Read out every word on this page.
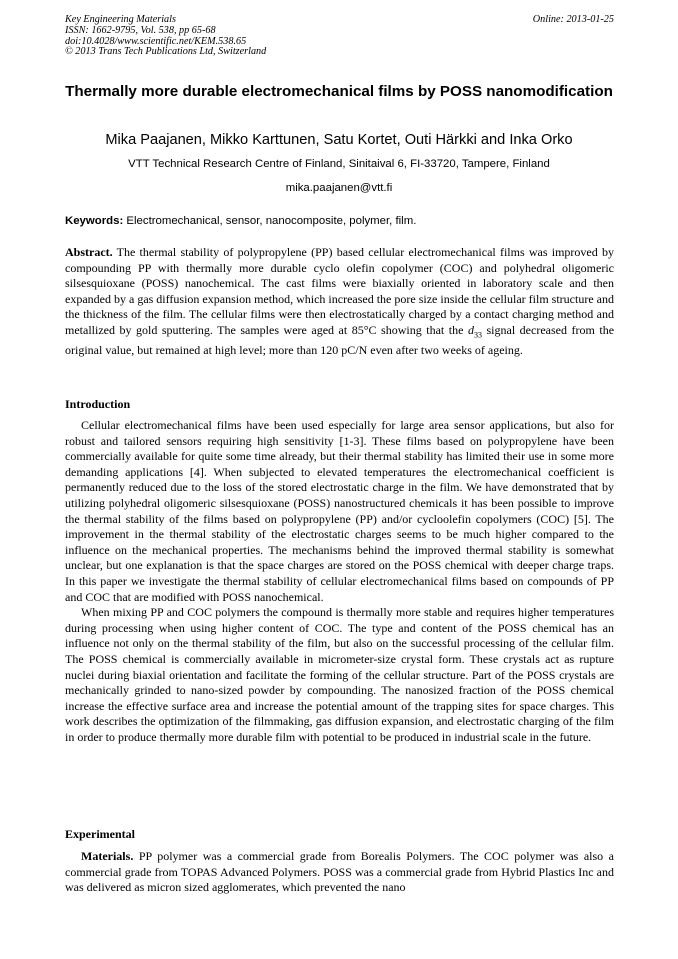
Key Engineering Materials
ISSN: 1662-9795, Vol. 538, pp 65-68
doi:10.4028/www.scientific.net/KEM.538.65
© 2013 Trans Tech Publications Ltd, Switzerland
Online: 2013-01-25
Thermally more durable electromechanical films by POSS nanomodification
Mika Paajanen, Mikko Karttunen, Satu Kortet, Outi Härkki and Inka Orko
VTT Technical Research Centre of Finland, Sinitaival 6, FI-33720, Tampere, Finland
mika.paajanen@vtt.fi
Keywords: Electromechanical, sensor, nanocomposite, polymer, film.

Abstract. The thermal stability of polypropylene (PP) based cellular electromechanical films was improved by compounding PP with thermally more durable cyclo olefin copolymer (COC) and polyhedral oligomeric silsesquioxane (POSS) nanochemical. The cast films were biaxially oriented in laboratory scale and then expanded by a gas diffusion expansion method, which increased the pore size inside the cellular film structure and the thickness of the film. The cellular films were then electrostatically charged by a contact charging method and metallized by gold sputtering. The samples were aged at 85°C showing that the $d_{33}$ signal decreased from the original value, but remained at high level; more than 120 pC/N even after two weeks of ageing.

Introduction

Cellular electromechanical films have been used especially for large area sensor applications, but also for robust and tailored sensors requiring high sensitivity [1-3]. These films based on polypropylene have been commercially available for quite some time already, but their thermal stability has limited their use in some more demanding applications [4]. When subjected to elevated temperatures the electromechanical coefficient is permanently reduced due to the loss of the stored electrostatic charge in the film. We have demonstrated that by utilizing polyhedral oligomeric silsesquioxane (POSS) nanostructured chemicals it has been possible to improve the thermal stability of the films based on polypropylene (PP) and/or cycloolefin copolymers (COC) [5]. The improvement in the thermal stability of the electrostatic charges seems to be much higher compared to the influence on the mechanical properties. The mechanisms behind the improved thermal stability is somewhat unclear, but one explanation is that the space charges are stored on the POSS chemical with deeper charge traps. In this paper we investigate the thermal stability of cellular electromechanical films based on compounds of PP and COC that are modified with POSS nanochemical.

When mixing PP and COC polymers the compound is thermally more stable and requires higher temperatures during processing when using higher content of COC. The type and content of the POSS chemical has an influence not only on the thermal stability of the film, but also on the successful processing of the cellular film. The POSS chemical is commercially available in micrometer-size crystal form. These crystals act as rupture nuclei during biaxial orientation and facilitate the forming of the cellular structure. Part of the POSS crystals are mechanically grinded to nano-sized powder by compounding. The nanosized fraction of the POSS chemical increase the effective surface area and increase the potential amount of the trapping sites for space charges. This work describes the optimization of the filmmaking, gas diffusion expansion, and electrostatic charging of the film in order to produce thermally more durable film with potential to be produced in industrial scale in the future.

Experimental

Materials. PP polymer was a commercial grade from Borealis Polymers. The COC polymer was also a commercial grade from TOPAS Advanced Polymers. POSS was a commercial grade from Hybrid Plastics Inc and was delivered as micron sized agglomerates, which prevented the nano
